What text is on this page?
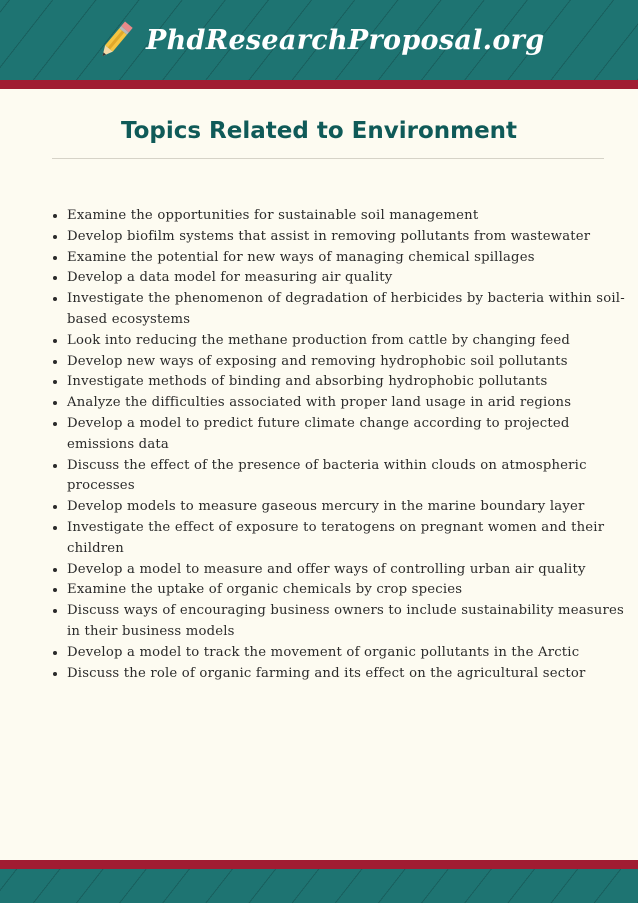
PhdResearchProposal.org
Topics Related to Environment
• Examine the opportunities for sustainable soil management
• Develop biofilm systems that assist in removing pollutants from wastewater
• Examine the potential for new ways of managing chemical spillages
• Develop a data model for measuring air quality
• Investigate the phenomenon of degradation of herbicides by bacteria within soil-based ecosystems
• Look into reducing the methane production from cattle by changing feed
• Develop new ways of exposing and removing hydrophobic soil pollutants
• Investigate methods of binding and absorbing hydrophobic pollutants
• Analyze the difficulties associated with proper land usage in arid regions
• Develop a model to predict future climate change according to projected emissions data
• Discuss the effect of the presence of bacteria within clouds on atmospheric processes
• Develop models to measure gaseous mercury in the marine boundary layer
• Investigate the effect of exposure to teratogens on pregnant women and their children
• Develop a model to measure and offer ways of controlling urban air quality
• Examine the uptake of organic chemicals by crop species
• Discuss ways of encouraging business owners to include sustainability measures in their business models
• Develop a model to track the movement of organic pollutants in the Arctic
• Discuss the role of organic farming and its effect on the agricultural sector
